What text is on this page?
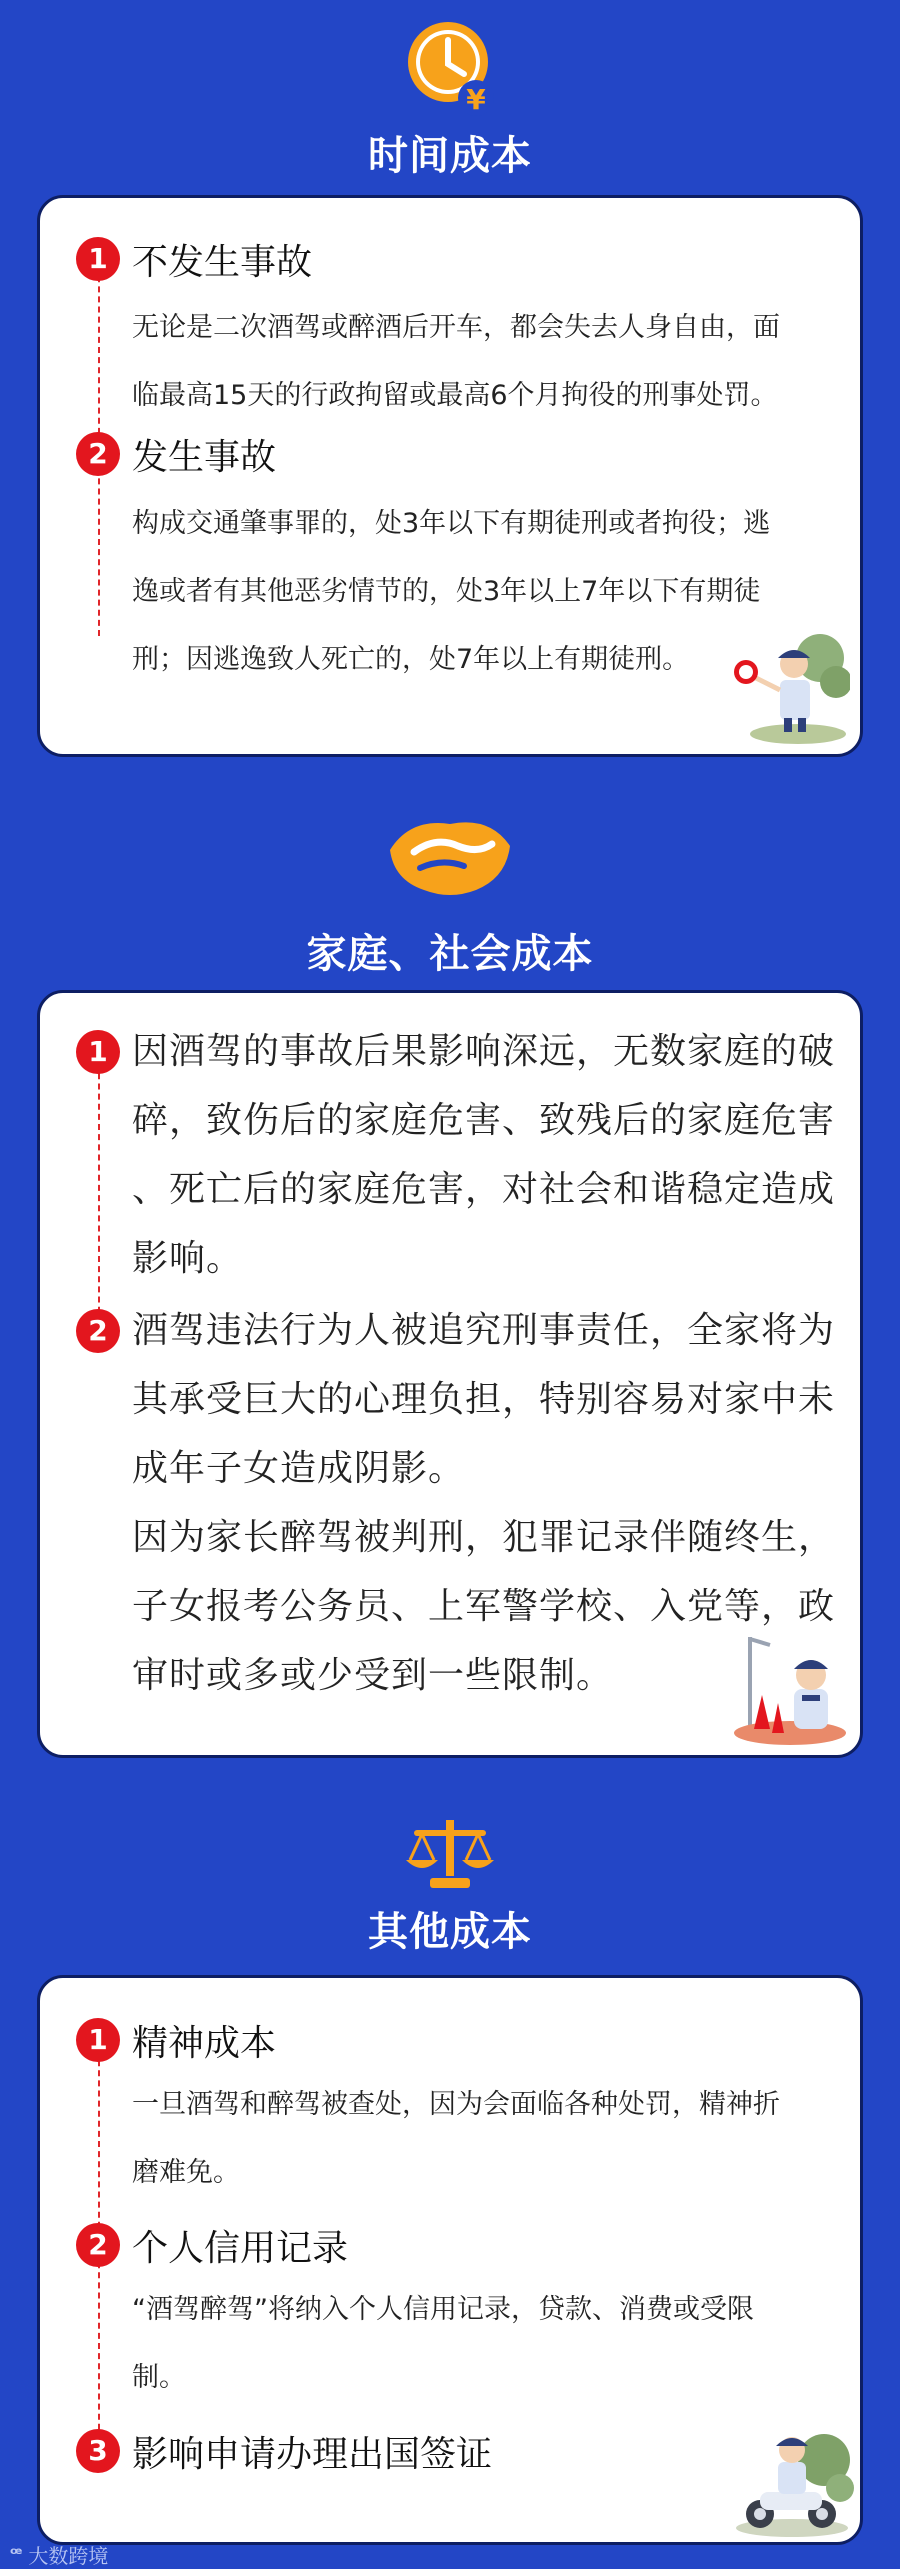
¥
时间成本
1 不发生事故
无论是二次酒驾或醉酒后开车，都会失去人身自由，面
临最高15天的行政拘留或最高6个月拘役的刑事处罚。
2 发生事故
构成交通肇事罪的，处3年以下有期徒刑或者拘役；逃
逸或者有其他恶劣情节的，处3年以上7年以下有期徒
刑；因逃逸致人死亡的，处7年以上有期徒刑。
家庭、社会成本
1 因酒驾的事故后果影响深远，无数家庭的破
碎，致伤后的家庭危害、致残后的家庭危害
、死亡后的家庭危害，对社会和谐稳定造成
影响。
2 酒驾违法行为人被追究刑事责任，全家将为
其承受巨大的心理负担，特别容易对家中未
成年子女造成阴影。
因为家长醉驾被判刑，犯罪记录伴随终生，
子女报考公务员、上军警学校、入党等，政
审时或多或少受到一些限制。
其他成本
1 精神成本
一旦酒驾和醉驾被查处，因为会面临各种处罚，精神折
磨难免。
2 个人信用记录
“酒驾醉驾”将纳入个人信用记录，贷款、消费或受限
制。
3 影响申请办理出国签证
ꟹ 大数跨境
